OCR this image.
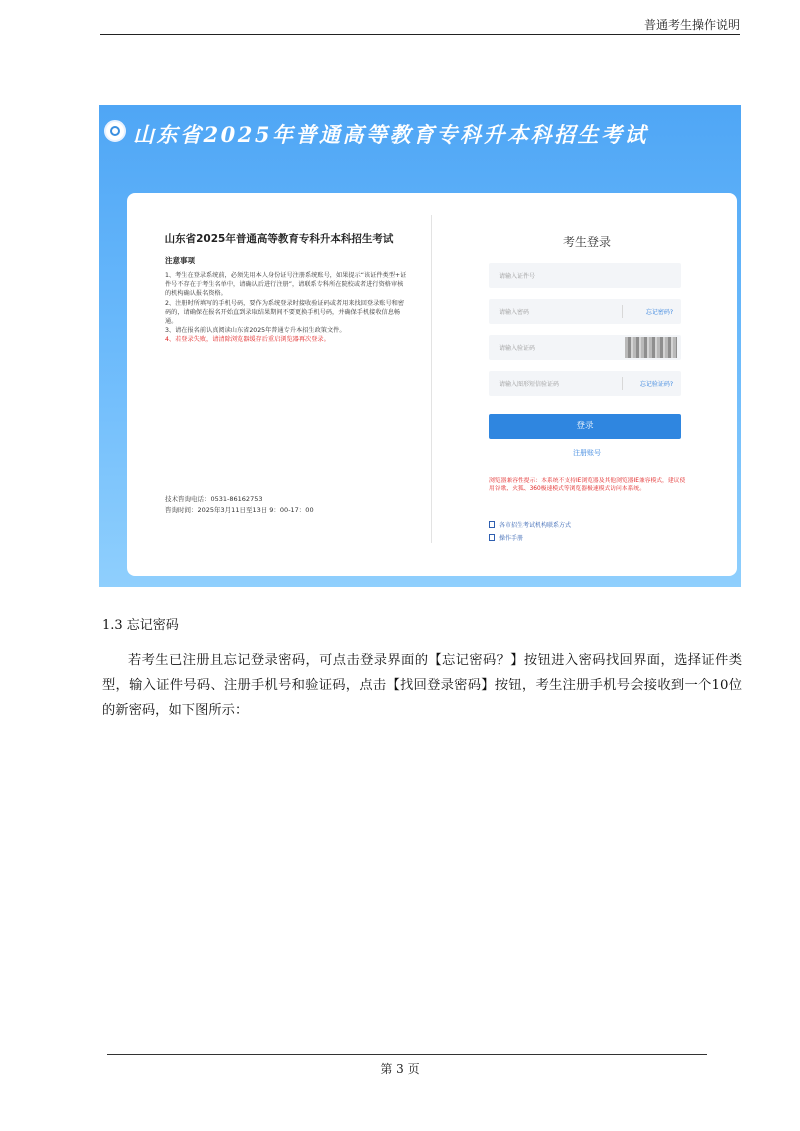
普通考生操作说明
山东省2025年普通高等教育专科升本科招生考试
山东省2025年普通高等教育专科升本科招生考试
注意事项

1、考生在登录系统前，必须先用本人身份证号注册系统账号，如果提示“该证件类型+证件号不存在于考生名单中，请确认后进行注册”，请联系专科所在院校或者进行资格审核的机构确认报名资格。

2、注册时所填写的手机号码，要作为系统登录时接收验证码或者用来找回登录账号和密码的，请确保在报名开始直到录取结果期间不要更换手机号码，并确保手机接收信息畅通。

3、请在报名前认真阅读山东省2025年普通专升本招生政策文件。

4、若登录失败，请清除浏览器缓存后重启浏览器再次登录。

技术咨询电话：0531-86162753
咨询时间：2025年3月11日至13日 9：00-17：00
考生登录
请输入证件号
请输入密码	忘记密码?
请输入验证码
请输入图形短信验证码	忘记验证码?
登录
注册账号
浏览器兼容性提示：本系统不支持IE浏览器及其他浏览器IE兼容模式，建议使用谷歌、火狐、360极速模式等浏览器极速模式访问本系统。
各市招生考试机构联系方式
操作手册
1.3 忘记密码
若考生已注册且忘记登录密码，可点击登录界面的【忘记密码？】按钮进入密码找回界面，选择证件类型，输入证件号码、注册手机号和验证码，点击【找回登录密码】按钮，考生注册手机号会接收到一个10位的新密码，如下图所示：
第 3 页
